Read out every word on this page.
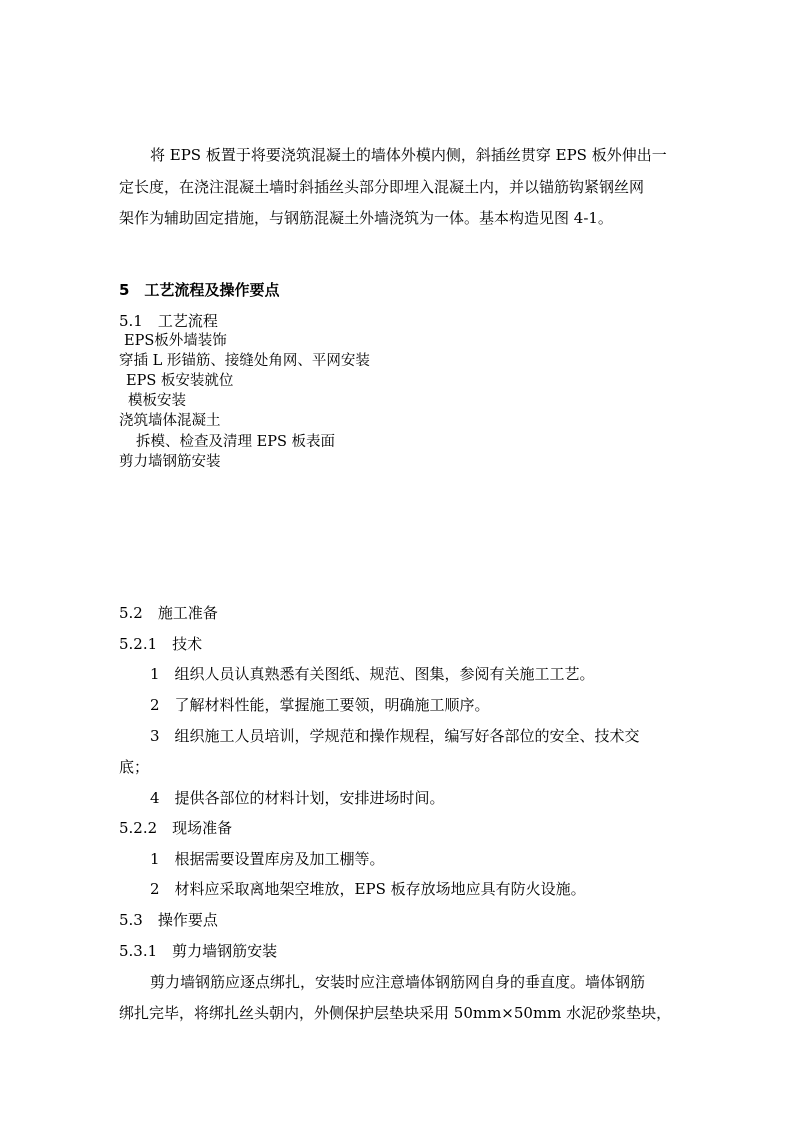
将 EPS 板置于将要浇筑混凝土的墙体外模内侧，斜插丝贯穿 EPS 板外伸出一

定长度，在浇注混凝土墙时斜插丝头部分即埋入混凝土内，并以锚筋钩紧钢丝网

架作为辅助固定措施，与钢筋混凝土外墙浇筑为一体。基本构造见图 4-1。

5　工艺流程及操作要点

5.1　工艺流程

EPS板外墙装饰

穿插 L 形锚筋、接缝处角网、平网安装

EPS 板安装就位

模板安装

浇筑墙体混凝土

拆模、检查及清理 EPS 板表面

剪力墙钢筋安装

5.2　施工准备

5.2.1　技术

1　组织人员认真熟悉有关图纸、规范、图集，参阅有关施工工艺。

2　了解材料性能，掌握施工要领，明确施工顺序。

3　组织施工人员培训，学规范和操作规程，编写好各部位的安全、技术交

底；

4　提供各部位的材料计划，安排进场时间。

5.2.2　现场准备

1　根据需要设置库房及加工棚等。

2　材料应采取离地架空堆放，EPS 板存放场地应具有防火设施。

5.3　操作要点

5.3.1　剪力墙钢筋安装

剪力墙钢筋应逐点绑扎，安装时应注意墙体钢筋网自身的垂直度。墙体钢筋

绑扎完毕，将绑扎丝头朝内，外侧保护层垫块采用 50mm×50mm 水泥砂浆垫块，
